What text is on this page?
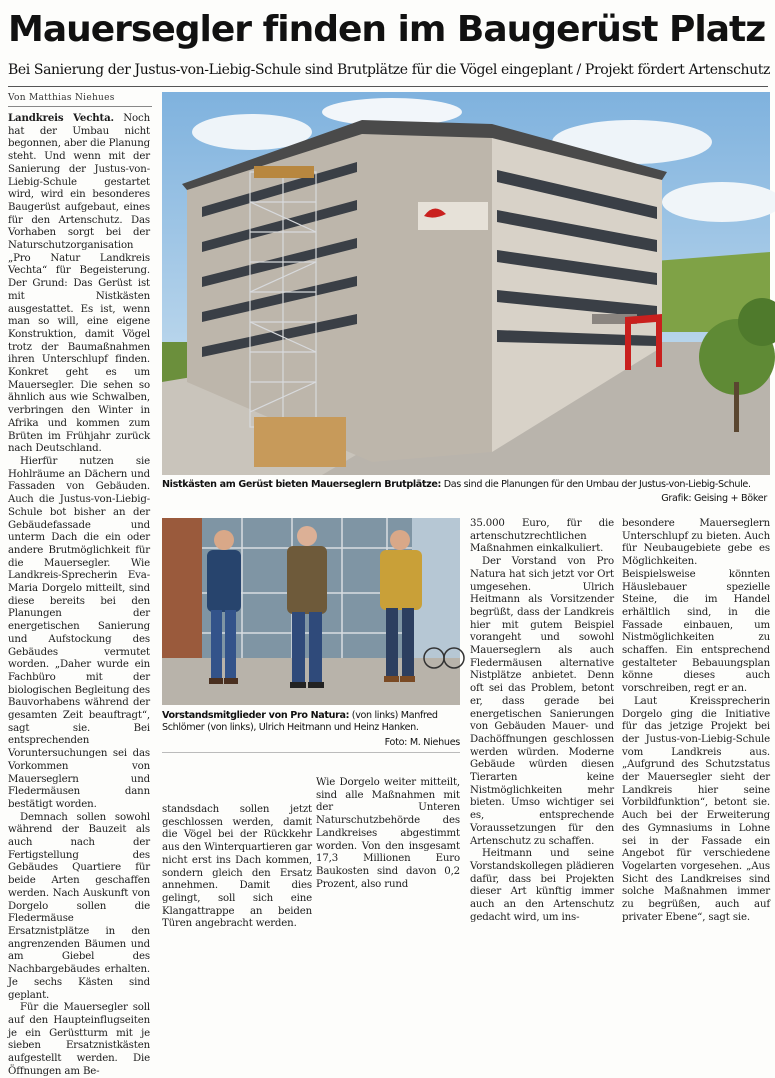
Mauersegler finden im Baugerüst Platz
Bei Sanierung der Justus-von-Liebig-Schule sind Brutplätze für die Vögel eingeplant / Projekt fördert Artenschutz
Von Matthias Niehues

Landkreis Vechta. Noch hat der Umbau nicht begonnen, aber die Planung steht. Und wenn mit der Sanierung der Justus-von-Liebig-Schule gestartet wird, wird ein besonderes Baugerüst aufgebaut, eines für den Artenschutz. Das Vorhaben sorgt bei der Naturschutzorganisation „Pro Natur Landkreis Vechta“ für Begeisterung. Der Grund: Das Gerüst ist mit Nistkästen ausgestattet. Es ist, wenn man so will, eine eigene Konstruktion, damit Vögel trotz der Baumaßnahmen ihren Unterschlupf finden. Konkret geht es um Mauersegler. Die sehen so ähnlich aus wie Schwalben, verbringen den Winter in Afrika und kommen zum Brüten im Frühjahr zurück nach Deutschland.

Hierfür nutzen sie Hohlräume an Dächern und Fassaden von Gebäuden. Auch die Justus-von-Liebig-Schule bot bisher an der Gebäudefassade und unterm Dach die ein oder andere Brutmöglichkeit für die Mauersegler. Wie Landkreis-Sprecherin Eva-Maria Dorgelo mitteilt, sind diese bereits bei den Planungen der energetischen Sanierung und Aufstockung des Gebäudes vermutet worden. „Daher wurde ein Fachbüro mit der biologischen Begleitung des Bauvorhabens während der gesamten Zeit beauftragt“, sagt sie. Bei entsprechenden Voruntersuchungen sei das Vorkommen von Mauerseglern und Fledermäusen dann bestätigt worden.

Demnach sollen sowohl während der Bauzeit als auch nach der Fertigstellung des Gebäudes Quartiere für beide Arten geschaffen werden. Nach Auskunft von Dorgelo sollen die Fledermäuse Ersatznistplätze in den angrenzenden Bäumen und am Giebel des Nachbargebäudes erhalten. Je sechs Kästen sind geplant.

Für die Mauersegler soll auf den Haupteinflugseiten je ein Gerüstturm mit je sieben Ersatznistkästen aufgestellt werden. Die Öffnungen am Be-

Nistkästen am Gerüst bieten Mauerseglern Brutplätze: Das sind die Planungen für den Umbau der Justus-von-Liebig-Schule.
Grafik: Geising + Böker
Vorstandsmitglieder von Pro Natura: (von links) Manfred Schlömer (von links), Ulrich Heitmann und Heinz Hanken.
Foto: M. Niehues

standsdach sollen jetzt geschlossen werden, damit die Vögel bei der Rückkehr aus den Winterquartieren gar nicht erst ins Dach kommen, sondern gleich den Ersatz annehmen. Damit dies gelingt, soll sich eine Klangattrappe an beiden Türen angebracht werden.

Wie Dorgelo weiter mitteilt, sind alle Maßnahmen mit der Unteren Naturschutzbehörde des Landkreises abgestimmt worden. Von den insgesamt 17,3 Millionen Euro Baukosten sind davon 0,2 Prozent, also rund

35.000 Euro, für die artenschutzrechtlichen Maßnahmen einkalkuliert.

Der Vorstand von Pro Natura hat sich jetzt vor Ort umgesehen. Ulrich Heitmann als Vorsitzender begrüßt, dass der Landkreis hier mit gutem Beispiel vorangeht und sowohl Mauerseglern als auch Fledermäusen alternative Nistplätze anbietet. Denn oft sei das Problem, betont er, dass gerade bei energetischen Sanierungen von Gebäuden Mauer- und Dachöffnungen geschlossen werden würden. Moderne Gebäude würden diesen Tierarten keine Nistmöglichkeiten mehr bieten. Umso wichtiger sei es, entsprechende Voraussetzungen für den Artenschutz zu schaffen.

Heitmann und seine Vorstandskollegen plädieren dafür, dass bei Projekten dieser Art künftig immer auch an den Artenschutz gedacht wird, um ins-

besondere Mauerseglern Unterschlupf zu bieten. Auch für Neubaugebiete gebe es Möglichkeiten. Beispielsweise könnten Häuslebauer spezielle Steine, die im Handel erhältlich sind, in die Fassade einbauen, um Nistmöglichkeiten zu schaffen. Ein entsprechend gestalteter Bebauungsplan könne dieses auch vorschreiben, regt er an.

Laut Kreissprecherin Dorgelo ging die Initiative für das jetzige Projekt bei der Justus-von-Liebig-Schule vom Landkreis aus. „Aufgrund des Schutzstatus der Mauersegler sieht der Landkreis hier seine Vorbildfunktion“, betont sie. Auch bei der Erweiterung des Gymnasiums in Lohne sei in der Fassade ein Angebot für verschiedene Vogelarten vorgesehen. „Aus Sicht des Landkreises sind solche Maßnahmen immer zu begrüßen, auch auf privater Ebene“, sagt sie.
